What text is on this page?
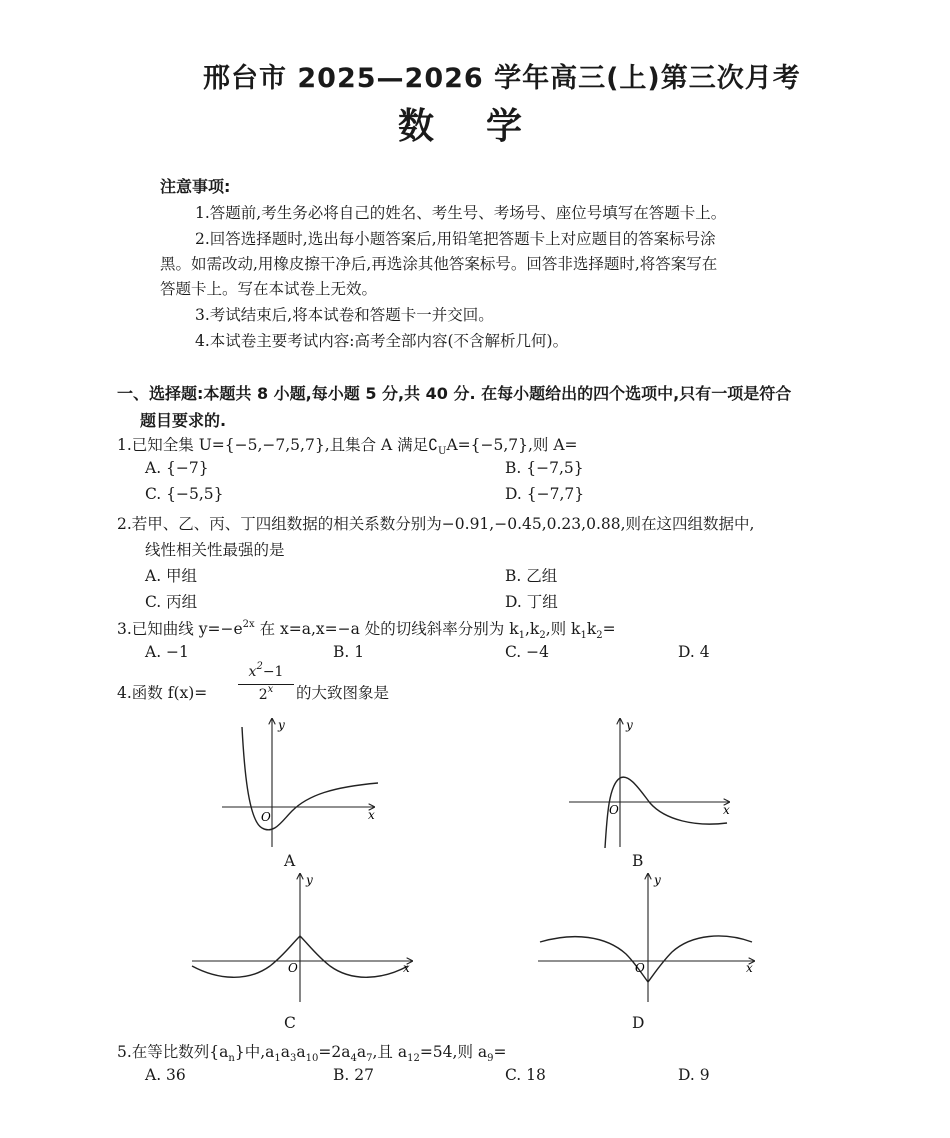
邢台市 2025—2026 学年高三(上)第三次月考
数学
注意事项:
1.答题前,考生务必将自己的姓名、考生号、考场号、座位号填写在答题卡上。
2.回答选择题时,选出每小题答案后,用铅笔把答题卡上对应题目的答案标号涂
黑。如需改动,用橡皮擦干净后,再选涂其他答案标号。回答非选择题时,将答案写在
答题卡上。写在本试卷上无效。
3.考试结束后,将本试卷和答题卡一并交回。
4.本试卷主要考试内容:高考全部内容(不含解析几何)。
一、选择题:本题共 8 小题,每小题 5 分,共 40 分. 在每小题给出的四个选项中,只有一项是符合
题目要求的.
1.已知全集 U={−5,−7,5,7},且集合 A 满足$∁_UA=\{-5,7\}$,则 A=
A. {−7}	B. {−7,5}
C. {−5,5}	D. {−7,7}
2.若甲、乙、丙、丁四组数据的相关系数分别为−0.91,−0.45,0.23,0.88,则在这四组数据中,
线性相关性最强的是
A. 甲组	B. 乙组
C. 丙组	D. 丁组
3.已知曲线 $y=-e^{2x}$ 在 x=a,x=−a 处的切线斜率分别为 $k_1,k_2$,则 $k_1k_2=$
A. −1	B. 1	C. −4	D. 4
4.函数 f(x)=
$x^2-1$
2$^x$	的大致图象是
y
x
O
A
y
x
O
B
y
x
O
C
y
x
O
D
5.在等比数列$\{a_n\}$中$,a_1a_3a_{10}=2a_4a_7$,且 $a_{12}=54$,则 $a_9=$
A. 36	B. 27	C. 18	D. 9
